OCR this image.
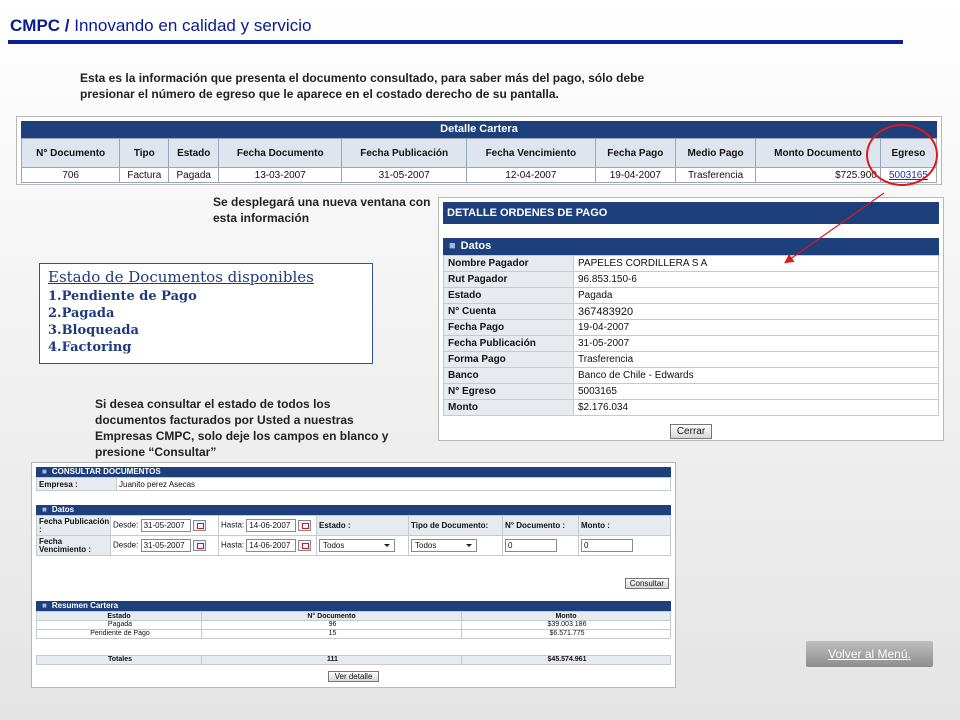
CMPC / Innovando en calidad y servicio
Esta es la información que presenta el documento consultado, para saber más del pago, sólo debe presionar el número de egreso que le aparece en el costado derecho de su pantalla.
Detalle Cartera
N° Documento	Tipo	Estado	Fecha Documento	Fecha Publicación	Fecha Vencimiento	Fecha Pago	Medio Pago	Monto Documento	Egreso
706	Factura	Pagada	13-03-2007	31-05-2007	12-04-2007	19-04-2007	Trasferencia	$725.900	5003165
Se desplegará una nueva ventana con esta información	DETALLE ORDENES DE PAGO
■ Datos
Nombre Pagador	PAPELES CORDILLERA S A
Rut Pagador	96.853.150-6
Estado	Pagada
N° Cuenta	367483920
Fecha Pago	19-04-2007
Fecha Publicación	31-05-2007
Forma Pago	Trasferencia
Banco	Banco de Chile - Edwards
N° Egreso	5003165
Monto	$2.176.034
Cerrar
Estado de Documentos disponibles
1.Pendiente de Pago
2.Pagada
3.Bloqueada
4.Factoring
Si desea consultar el estado de todos los documentos facturados por Usted a nuestras Empresas CMPC, solo deje los campos en blanco y presione “Consultar”
■ CONSULTAR DOCUMENTOS
Empresa :	Juanito perez Asecas
■ Datos
Fecha Publicación :	Desde: 31-05-2007	Hasta: 14-06-2007	Estado :	Tipo de Documento:	N° Documento :	Monto :
Fecha Vencimiento :	Desde: 31-05-2007	Hasta: 14-06-2007	Todos	Todos	0	0
Consultar
■ Resumen Cartera
Estado	N° Documento	Monto
Pagada	96	$39.003.186
Pendiente de Pago	15	$6.571.775
Totales	111	$45.574.961
Ver detalle
Volver al Menú.
